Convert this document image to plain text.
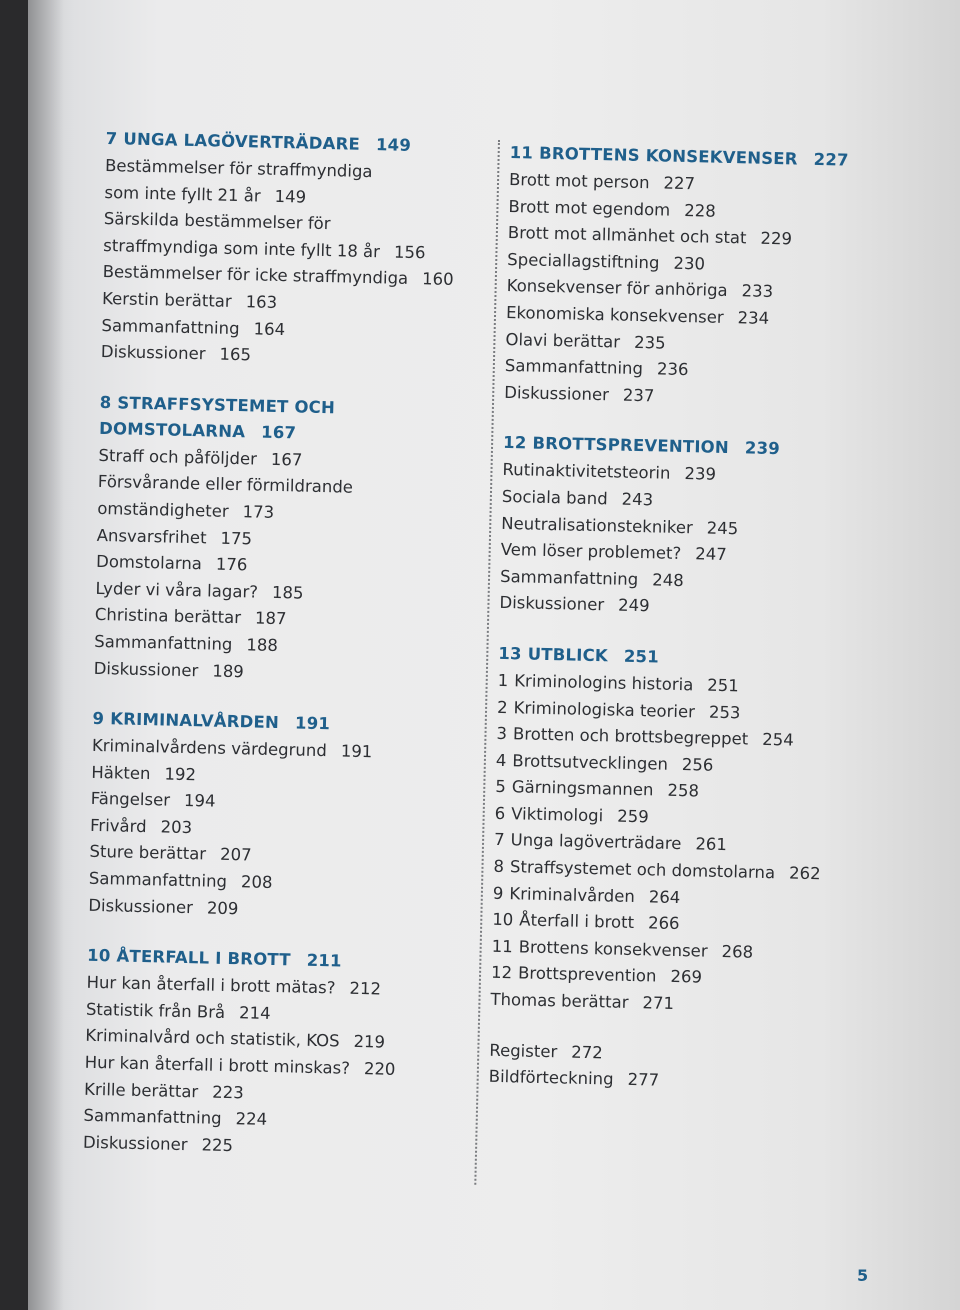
7 UNGA LAGÖVERTRÄDARE 149
Bestämmelser för straffmyndiga
som inte fyllt 21 år 149
Särskilda bestämmelser för
straffmyndiga som inte fyllt 18 år 156
Bestämmelser för icke straffmyndiga 160
Kerstin berättar 163
Sammanfattning 164
Diskussioner 165
8 STRAFFSYSTEMET OCH
DOMSTOLARNA 167
Straff och påföljder 167
Försvårande eller förmildrande
omständigheter 173
Ansvarsfrihet 175
Domstolarna 176
Lyder vi våra lagar? 185
Christina berättar 187
Sammanfattning 188
Diskussioner 189
9 KRIMINALVÅRDEN 191
Kriminalvårdens värdegrund 191
Häkten 192
Fängelser 194
Frivård 203
Sture berättar 207
Sammanfattning 208
Diskussioner 209
10 ÅTERFALL I BROTT 211
Hur kan återfall i brott mätas? 212
Statistik från Brå 214
Kriminalvård och statistik, KOS 219
Hur kan återfall i brott minskas? 220
Krille berättar 223
Sammanfattning 224
Diskussioner 225
11 BROTTENS KONSEKVENSER 227
Brott mot person 227
Brott mot egendom 228
Brott mot allmänhet och stat 229
Speciallagstiftning 230
Konsekvenser för anhöriga 233
Ekonomiska konsekvenser 234
Olavi berättar 235
Sammanfattning 236
Diskussioner 237
12 BROTTSPREVENTION 239
Rutinaktivitetsteorin 239
Sociala band 243
Neutralisationstekniker 245
Vem löser problemet? 247
Sammanfattning 248
Diskussioner 249
13 UTBLICK 251
1 Kriminologins historia 251
2 Kriminologiska teorier 253
3 Brotten och brottsbegreppet 254
4 Brottsutvecklingen 256
5 Gärningsmannen 258
6 Viktimologi 259
7 Unga lagöverträdare 261
8 Straffsystemet och domstolarna 262
9 Kriminalvården 264
10 Återfall i brott 266
11 Brottens konsekvenser 268
12 Brottsprevention 269
Thomas berättar 271
Register 272
Bildförteckning 277
5
